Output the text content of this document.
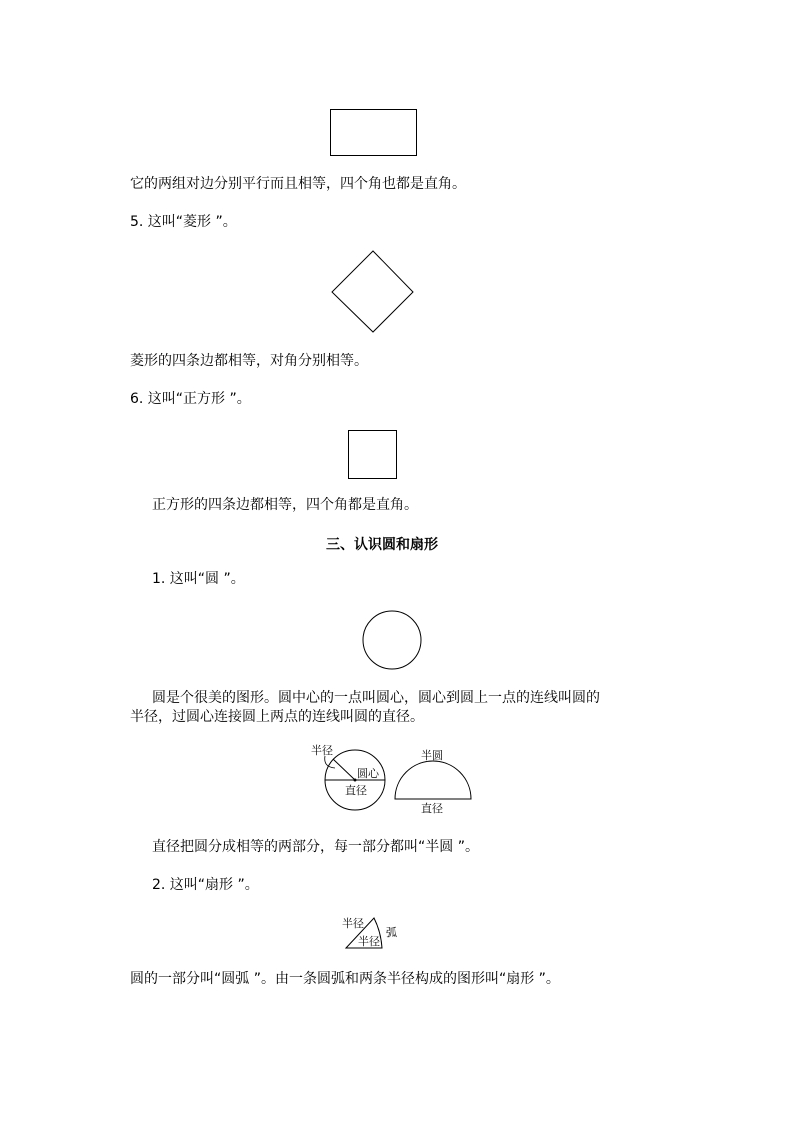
它的两组对边分别平行而且相等，四个角也都是直角。

5. 这叫“菱形 ”。

菱形的四条边都相等，对角分别相等。

6. 这叫“正方形 ”。

正方形的四条边都相等，四个角都是直角。

三、认识圆和扇形

1. 这叫“圆 ”。

圆是个很美的图形。圆中心的一点叫圆心，圆心到圆上一点的连线叫圆的

半径，过圆心连接圆上两点的连线叫圆的直径。

半径
圆心
直径
半圆
直径

直径把圆分成相等的两部分，每一部分都叫“半圆 ”。

2. 这叫“扇形 ”。

半径
半径
弧

圆的一部分叫“圆弧 ”。由一条圆弧和两条半径构成的图形叫“扇形 ”。
